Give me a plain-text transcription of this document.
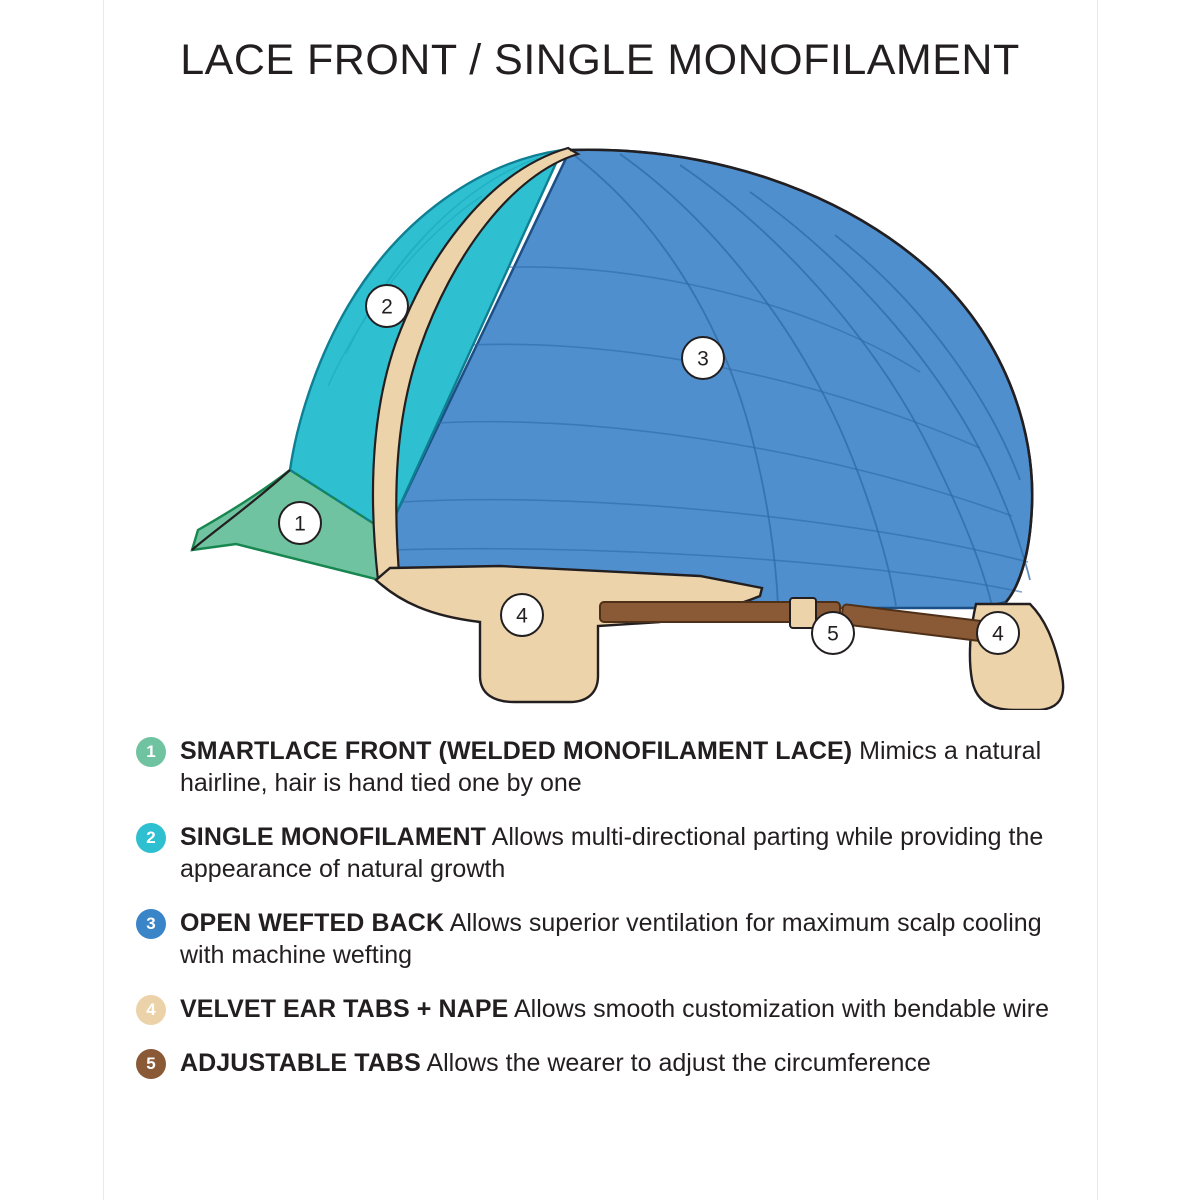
LACE FRONT / SINGLE MONOFILAMENT
1
2
3
4
5	4
1 SMARTLACE FRONT (WELDED MONOFILAMENT LACE) Mimics a natural hairline, hair is hand tied one by one
2 SINGLE MONOFILAMENT Allows multi-directional parting while providing the appearance of natural growth
3 OPEN WEFTED BACK Allows superior ventilation for maximum scalp cooling with machine wefting
4 VELVET EAR TABS + NAPE Allows smooth customization with bendable wire
5 ADJUSTABLE TABS Allows the wearer to adjust the circumference
